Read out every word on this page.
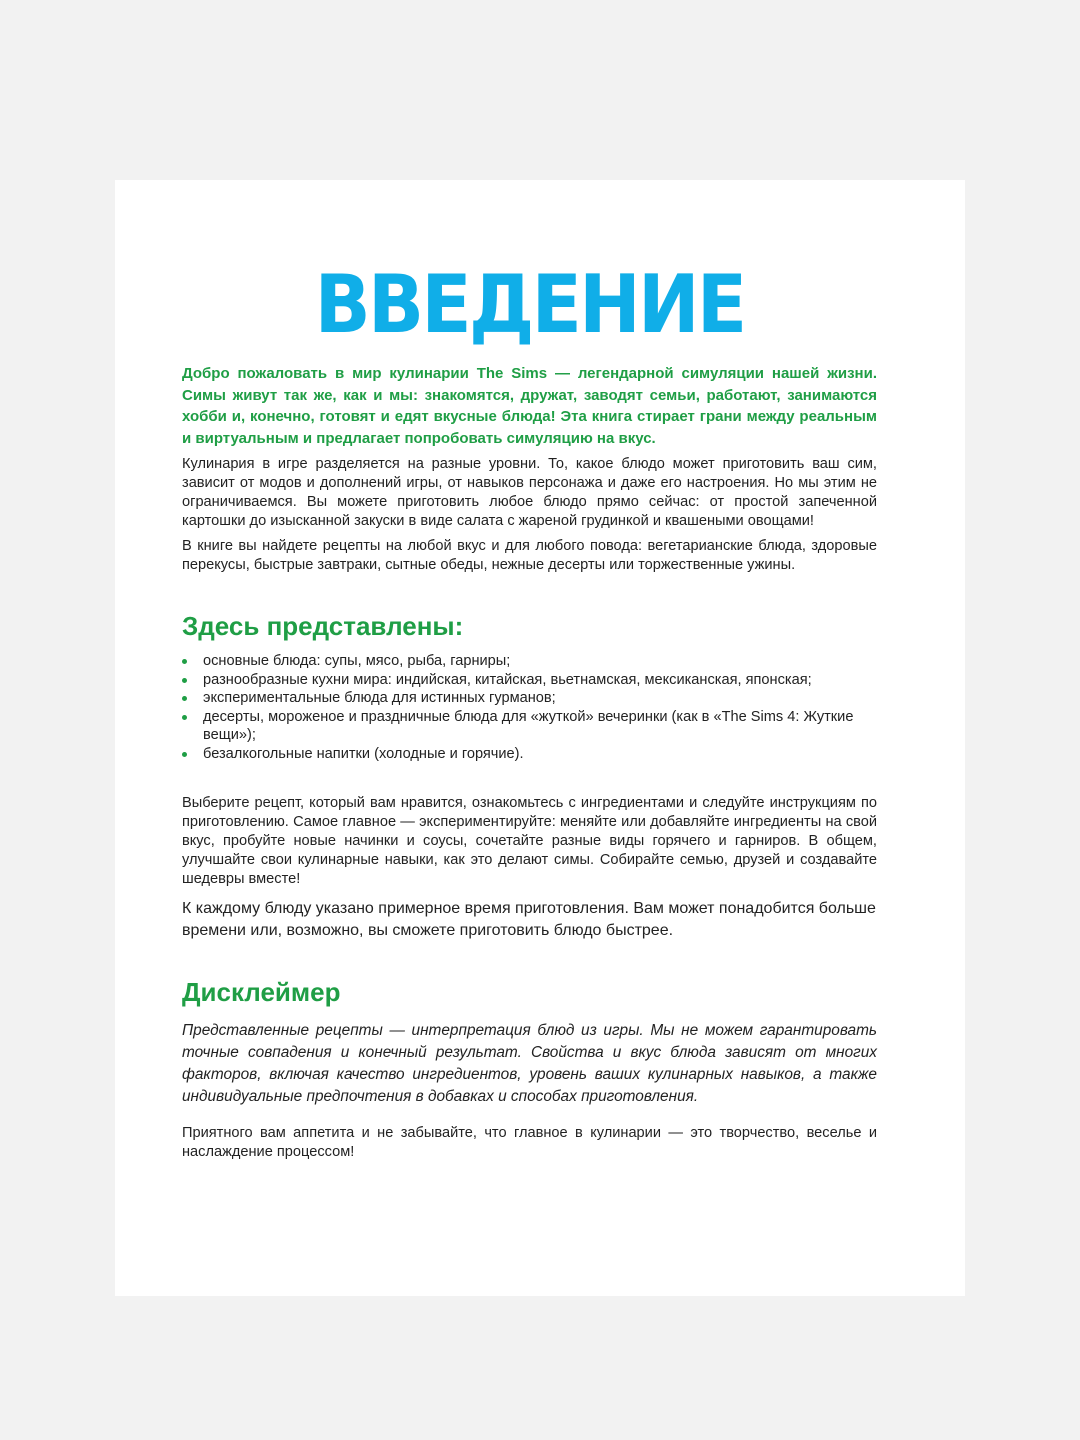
ВВЕДЕНИЕ

Добро пожаловать в мир кулинарии The Sims — легендарной симуляции нашей жизни. Симы живут так же, как и мы: знакомятся, дружат, заводят семьи, работают, занимаются хобби и, конечно, готовят и едят вкусные блюда! Эта книга стирает грани между реальным и виртуальным и предлагает попробовать симуляцию на вкус.

Кулинария в игре разделяется на разные уровни. То, какое блюдо может приготовить ваш сим, зависит от модов и дополнений игры, от навыков персонажа и даже его настроения. Но мы этим не ограничиваемся. Вы можете приготовить любое блюдо прямо сейчас: от простой запеченной картошки до изысканной закуски в виде салата с жареной грудинкой и квашеными овощами!

В книге вы найдете рецепты на любой вкус и для любого повода: вегетарианские блюда, здоровые перекусы, быстрые завтраки, сытные обеды, нежные десерты или торжественные ужины.

Здесь представлены:
основные блюда: супы, мясо, рыба, гарниры;
разнообразные кухни мира: индийская, китайская, вьетнамская, мексиканская, японская;
экспериментальные блюда для истинных гурманов;
десерты, мороженое и праздничные блюда для «жуткой» вечеринки (как в «The Sims 4: Жуткие вещи»);
безалкогольные напитки (холодные и горячие).

Выберите рецепт, который вам нравится, ознакомьтесь с ингредиентами и следуйте инструкциям по приготовлению. Самое главное — экспериментируйте: меняйте или добавляйте ингредиенты на свой вкус, пробуйте новые начинки и соусы, сочетайте разные виды горячего и гарниров. В общем, улучшайте свои кулинарные навыки, как это делают симы. Собирайте семью, друзей и создавайте шедевры вместе!

К каждому блюду указано примерное время приготовления. Вам может понадобится больше времени или, возможно, вы сможете приготовить блюдо быстрее.

Дисклеймер

Представленные рецепты — интерпретация блюд из игры. Мы не можем гарантировать точные совпадения и конечный результат. Свойства и вкус блюда зависят от многих факторов, включая качество ингредиентов, уровень ваших кулинарных навыков, а также индивидуальные предпочтения в добавках и способах приготовления.

Приятного вам аппетита и не забывайте, что главное в кулинарии — это творчество, веселье и наслаждение процессом!
